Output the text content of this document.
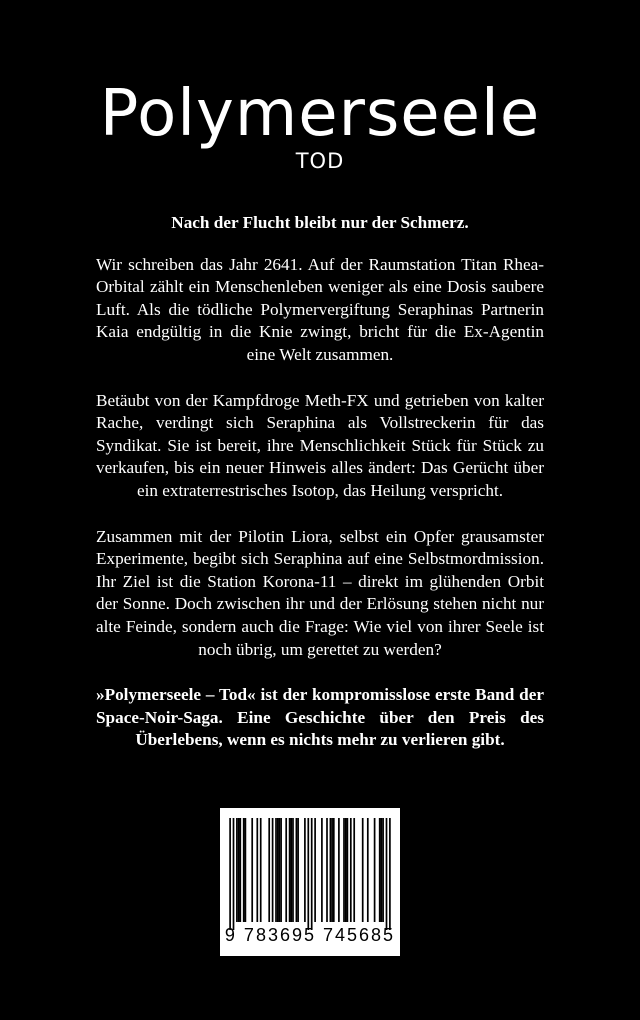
Polymerseele
TOD

Nach der Flucht bleibt nur der Schmerz.

Wir schreiben das Jahr 2641. Auf der Raumstation Titan Rhea-Orbital zählt ein Menschenleben weniger als eine Dosis saubere Luft. Als die tödliche Polymervergiftung Seraphinas Partnerin Kaia endgültig in die Knie zwingt, bricht für die Ex-Agentin eine Welt zusammen.

Betäubt von der Kampfdroge Meth-FX und getrieben von kalter Rache, verdingt sich Seraphina als Vollstreckerin für das Syndikat. Sie ist bereit, ihre Menschlichkeit Stück für Stück zu verkaufen, bis ein neuer Hinweis alles ändert: Das Gerücht über ein extraterrestrisches Isotop, das Heilung verspricht.

Zusammen mit der Pilotin Liora, selbst ein Opfer grausamster Experimente, begibt sich Seraphina auf eine Selbstmordmission. Ihr Ziel ist die Station Korona-11 – direkt im glühenden Orbit der Sonne. Doch zwischen ihr und der Erlösung stehen nicht nur alte Feinde, sondern auch die Frage: Wie viel von ihrer Seele ist noch übrig, um gerettet zu werden?

»Polymerseele – Tod« ist der kompromisslose erste Band der Space-Noir-Saga. Eine Geschichte über den Preis des Überlebens, wenn es nichts mehr zu verlieren gibt.

9 783695 745685
